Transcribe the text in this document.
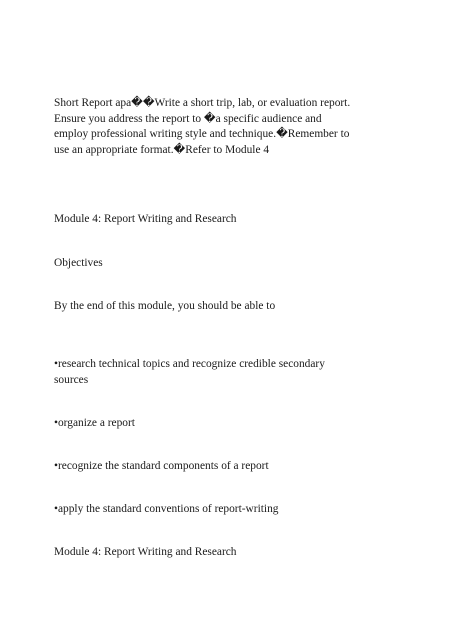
Short Report apa��Write a short trip, lab, or evaluation report.
Ensure you address the report to �a specific audience and
employ professional writing style and technique.�Remember to
use an appropriate format.�Refer to Module 4
Module 4: Report Writing and Research
Objectives
By the end of this module, you should be able to
•research technical topics and recognize credible secondary
sources
•organize a report
•recognize the standard components of a report
•apply the standard conventions of report-writing
Module 4: Report Writing and Research
